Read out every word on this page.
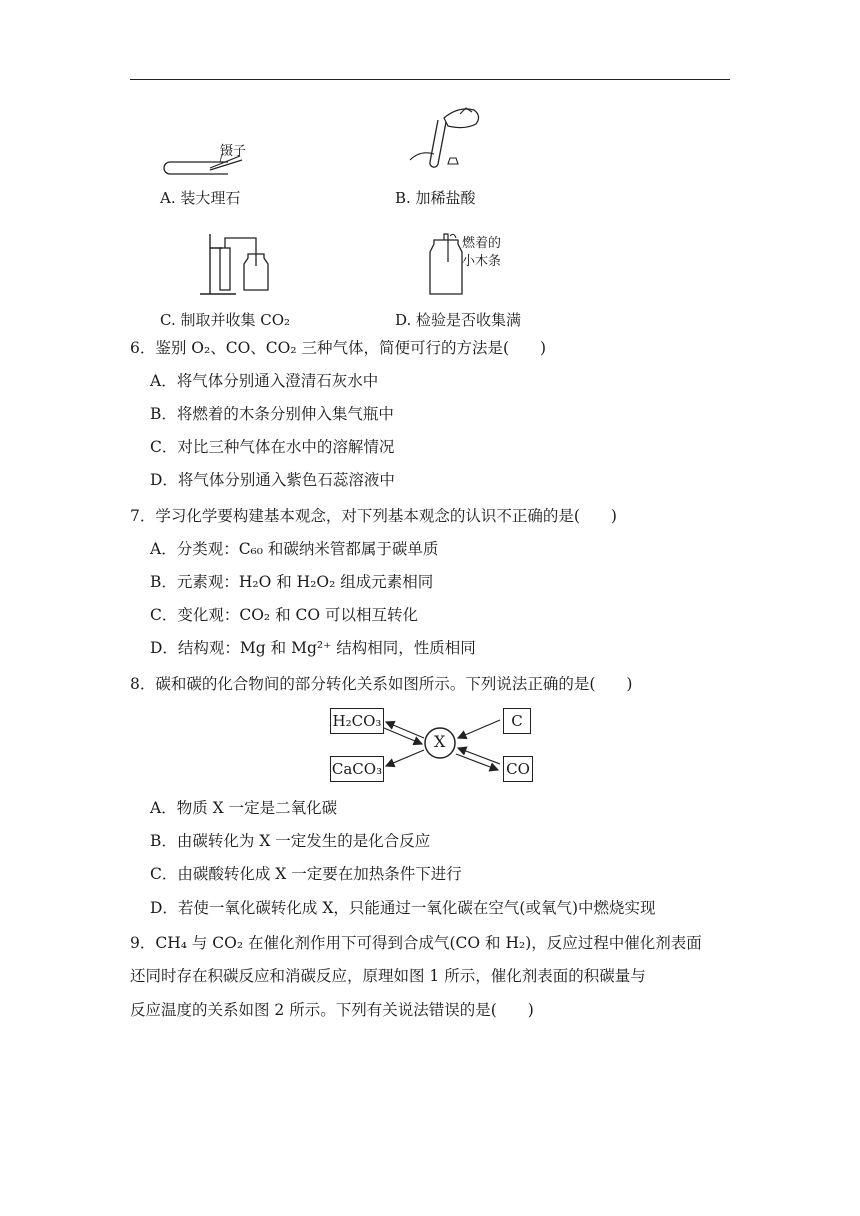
镊子
A. 装大理石	B. 加稀盐酸
C. 制取并收集 CO₂
燃着的
小木条
D. 检验是否收集满
6．鉴别 O₂、CO、CO₂ 三种气体，简便可行的方法是(　　)
A．将气体分别通入澄清石灰水中
B．将燃着的木条分别伸入集气瓶中
C．对比三种气体在水中的溶解情况
D．将气体分别通入紫色石蕊溶液中
7．学习化学要构建基本观念，对下列基本观念的认识不正确的是(　　)
A．分类观：C₆₀ 和碳纳米管都属于碳单质
B．元素观：H₂O 和 H₂O₂ 组成元素相同
C．变化观：CO₂ 和 CO 可以相互转化
D．结构观：Mg 和 Mg²⁺ 结构相同，性质相同
8．碳和碳的化合物间的部分转化关系如图所示。下列说法正确的是(　　)
H₂CO₃
CaCO₃
X
C
CO
A．物质 X 一定是二氧化碳
B．由碳转化为 X 一定发生的是化合反应
C．由碳酸转化成 X 一定要在加热条件下进行
D．若使一氧化碳转化成 X，只能通过一氧化碳在空气(或氧气)中燃烧实现
9．CH₄ 与 CO₂ 在催化剂作用下可得到合成气(CO 和 H₂)，反应过程中催化剂表面
还同时存在积碳反应和消碳反应，原理如图 1 所示，催化剂表面的积碳量与
反应温度的关系如图 2 所示。下列有关说法错误的是(　　)
